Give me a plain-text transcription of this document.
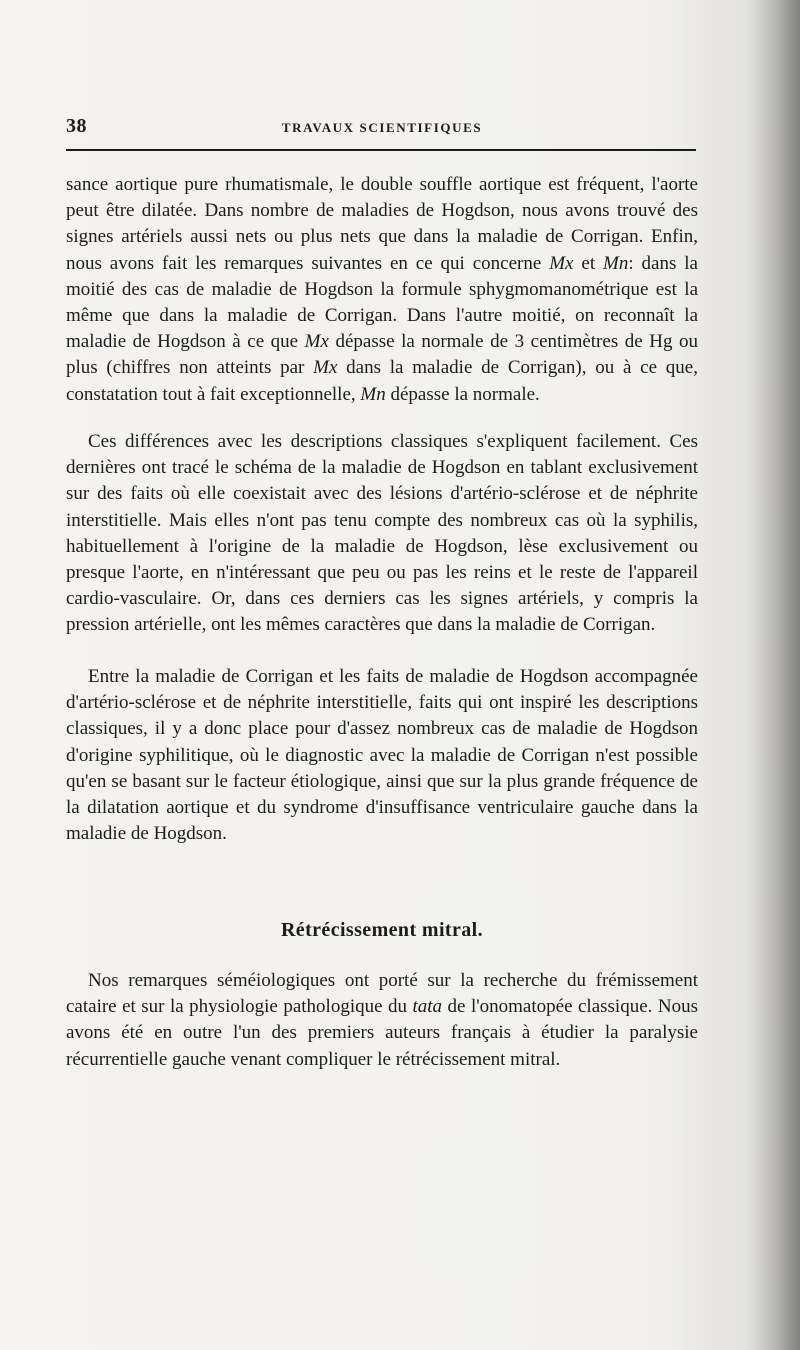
38	TRAVAUX SCIENTIFIQUES

sance aortique pure rhumatismale, le double souffle aortique est fréquent, l'aorte peut être dilatée. Dans nombre de maladies de Hogdson, nous avons trouvé des signes artériels aussi nets ou plus nets que dans la maladie de Corrigan. Enfin, nous avons fait les remarques suivantes en ce qui concerne Mx et Mn: dans la moitié des cas de maladie de Hogdson la formule sphygmomanométrique est la même que dans la maladie de Corrigan. Dans l'autre moitié, on reconnaît la maladie de Hogdson à ce que Mx dépasse la normale de 3 centimètres de Hg ou plus (chiffres non atteints par Mx dans la maladie de Corrigan), ou à ce que, constatation tout à fait exceptionnelle, Mn dépasse la normale.

Ces différences avec les descriptions classiques s'expliquent facilement. Ces dernières ont tracé le schéma de la maladie de Hogdson en tablant exclusivement sur des faits où elle coexistait avec des lésions d'artério-sclérose et de néphrite interstitielle. Mais elles n'ont pas tenu compte des nombreux cas où la syphilis, habituellement à l'origine de la maladie de Hogdson, lèse exclusivement ou presque l'aorte, en n'intéressant que peu ou pas les reins et le reste de l'appareil cardio-vasculaire. Or, dans ces derniers cas les signes artériels, y compris la pression artérielle, ont les mêmes caractères que dans la maladie de Corrigan.

Entre la maladie de Corrigan et les faits de maladie de Hogdson accompagnée d'artério-sclérose et de néphrite interstitielle, faits qui ont inspiré les descriptions classiques, il y a donc place pour d'assez nombreux cas de maladie de Hogdson d'origine syphilitique, où le diagnostic avec la maladie de Corrigan n'est possible qu'en se basant sur le facteur étiologique, ainsi que sur la plus grande fréquence de la dilatation aortique et du syndrome d'insuffisance ventriculaire gauche dans la maladie de Hogdson.

Rétrécissement mitral.

Nos remarques séméiologiques ont porté sur la recherche du frémissement cataire et sur la physiologie pathologique du tata de l'onomatopée classique. Nous avons été en outre l'un des premiers auteurs français à étudier la paralysie récurrentielle gauche venant compliquer le rétrécissement mitral.
